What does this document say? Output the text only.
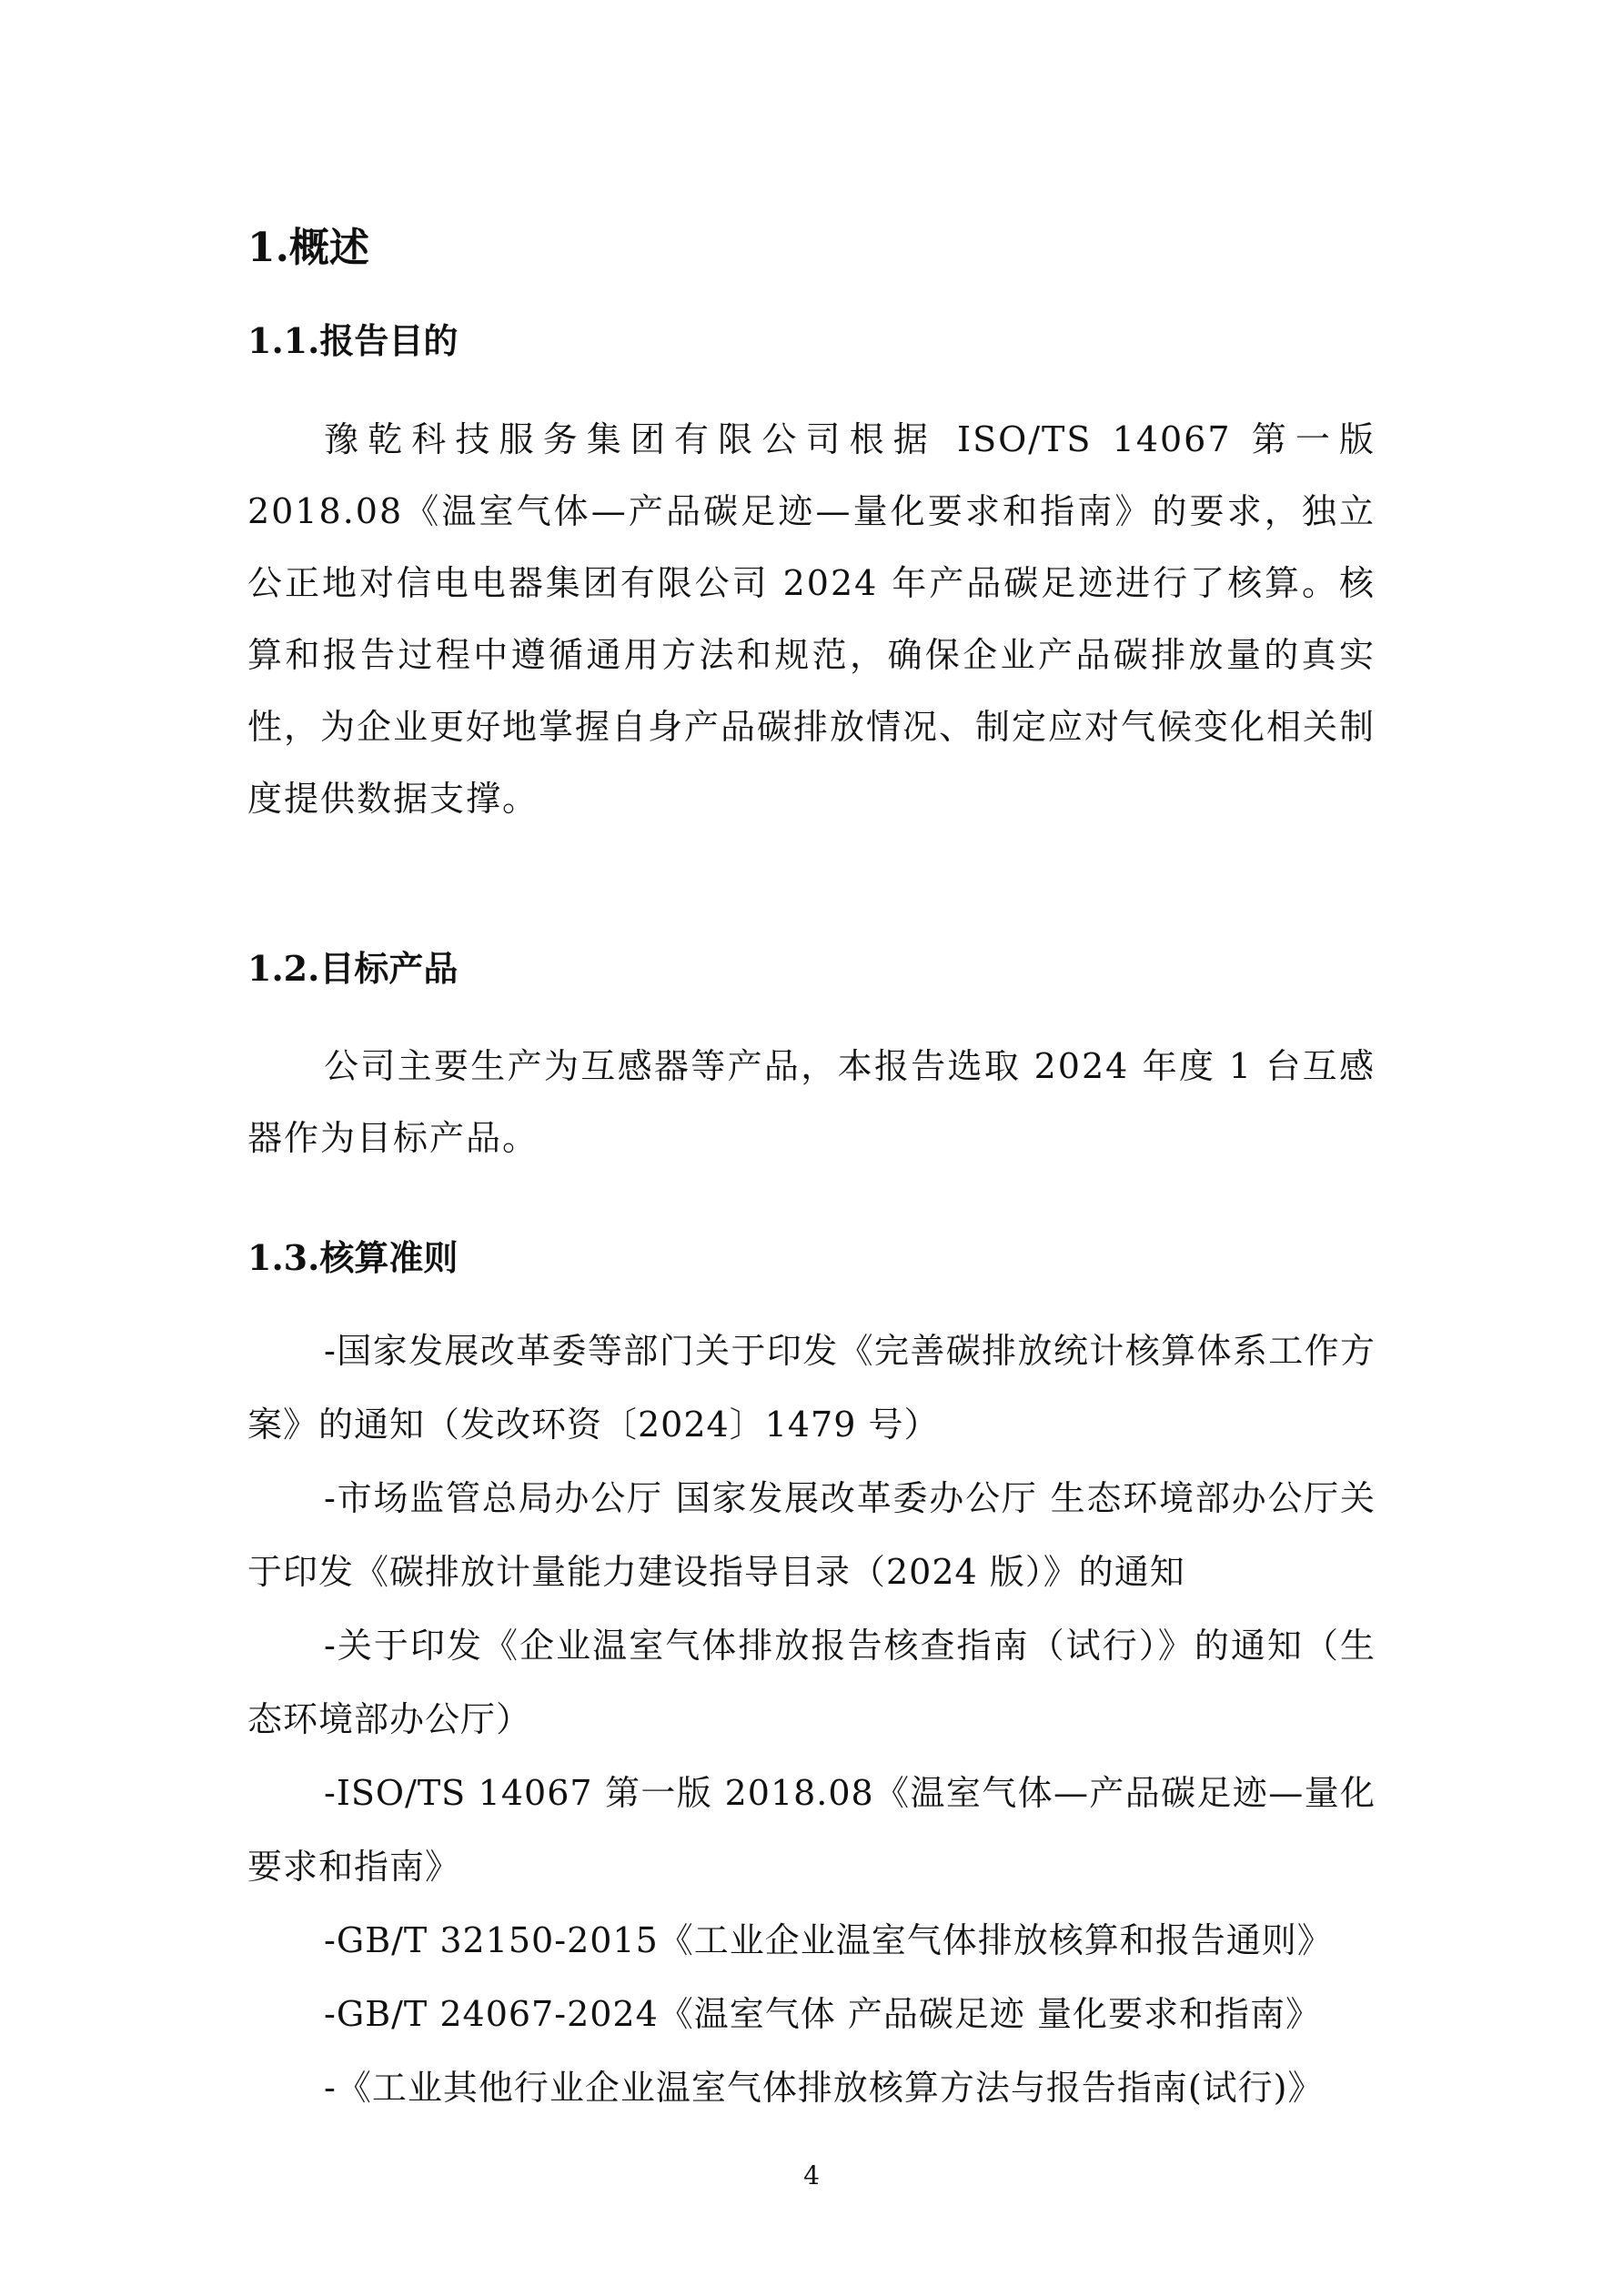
1.概述
1.1.报告目的

豫乾科技服务集团有限公司根据 ISO/TS 14067 第一版 2018.08《温室气体—产品碳足迹—量化要求和指南》的要求，独立公正地对信电电器集团有限公司 2024 年产品碳足迹进行了核算。核算和报告过程中遵循通用方法和规范，确保企业产品碳排放量的真实性，为企业更好地掌握自身产品碳排放情况、制定应对气候变化相关制度提供数据支撑。

1.2.目标产品

公司主要生产为互感器等产品，本报告选取 2024 年度 1 台互感器作为目标产品。

1.3.核算准则

-国家发展改革委等部门关于印发《完善碳排放统计核算体系工作方案》的通知（发改环资〔2024〕1479 号）

-市场监管总局办公厅 国家发展改革委办公厅 生态环境部办公厅关于印发《碳排放计量能力建设指导目录（2024 版）》的通知

-关于印发《企业温室气体排放报告核查指南（试行）》的通知（生态环境部办公厅）

-ISO/TS 14067 第一版 2018.08《温室气体—产品碳足迹—量化要求和指南》

-GB/T 32150-2015《工业企业温室气体排放核算和报告通则》

-GB/T 24067-2024《温室气体 产品碳足迹 量化要求和指南》

-《工业其他行业企业温室气体排放核算方法与报告指南(试行)》

4
